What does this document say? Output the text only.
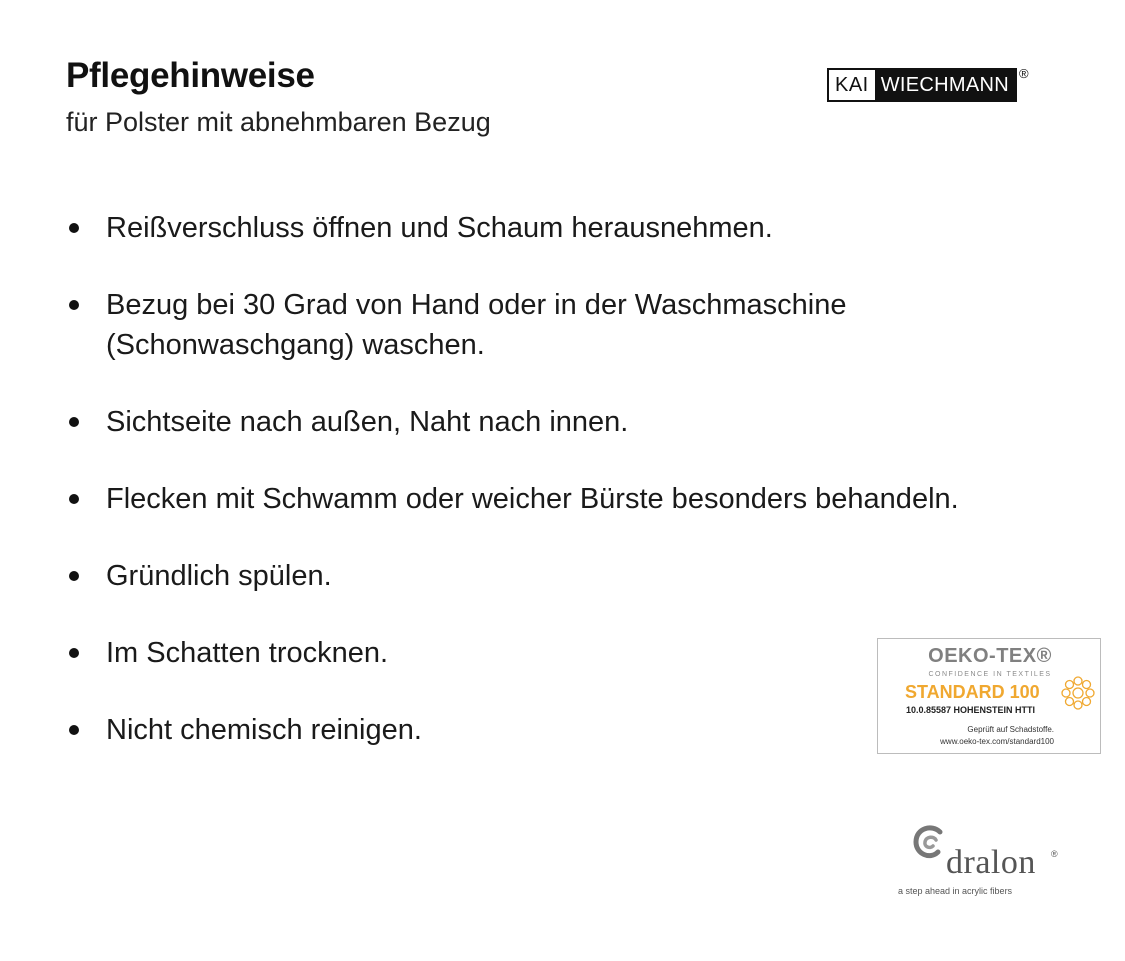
Pflegehinweise
für Polster mit abnehmbaren Bezug
KAI WIECHMANN
®
Reißverschluss öffnen und Schaum herausnehmen.
Bezug bei 30 Grad von Hand oder in der Waschmaschine
(Schonwaschgang) waschen.
Sichtseite nach außen, Naht nach innen.
Flecken mit Schwamm oder weicher Bürste besonders behandeln.
Gründlich spülen.
Im Schatten trocknen.
Nicht chemisch reinigen.
OEKO-TEX®
CONFIDENCE IN TEXTILES
STANDARD 100
10.0.85587 HOHENSTEIN HTTI
Geprüft auf Schadstoffe.
www.oeko-tex.com/standard100
dralon ®
a step ahead in acrylic fibers
